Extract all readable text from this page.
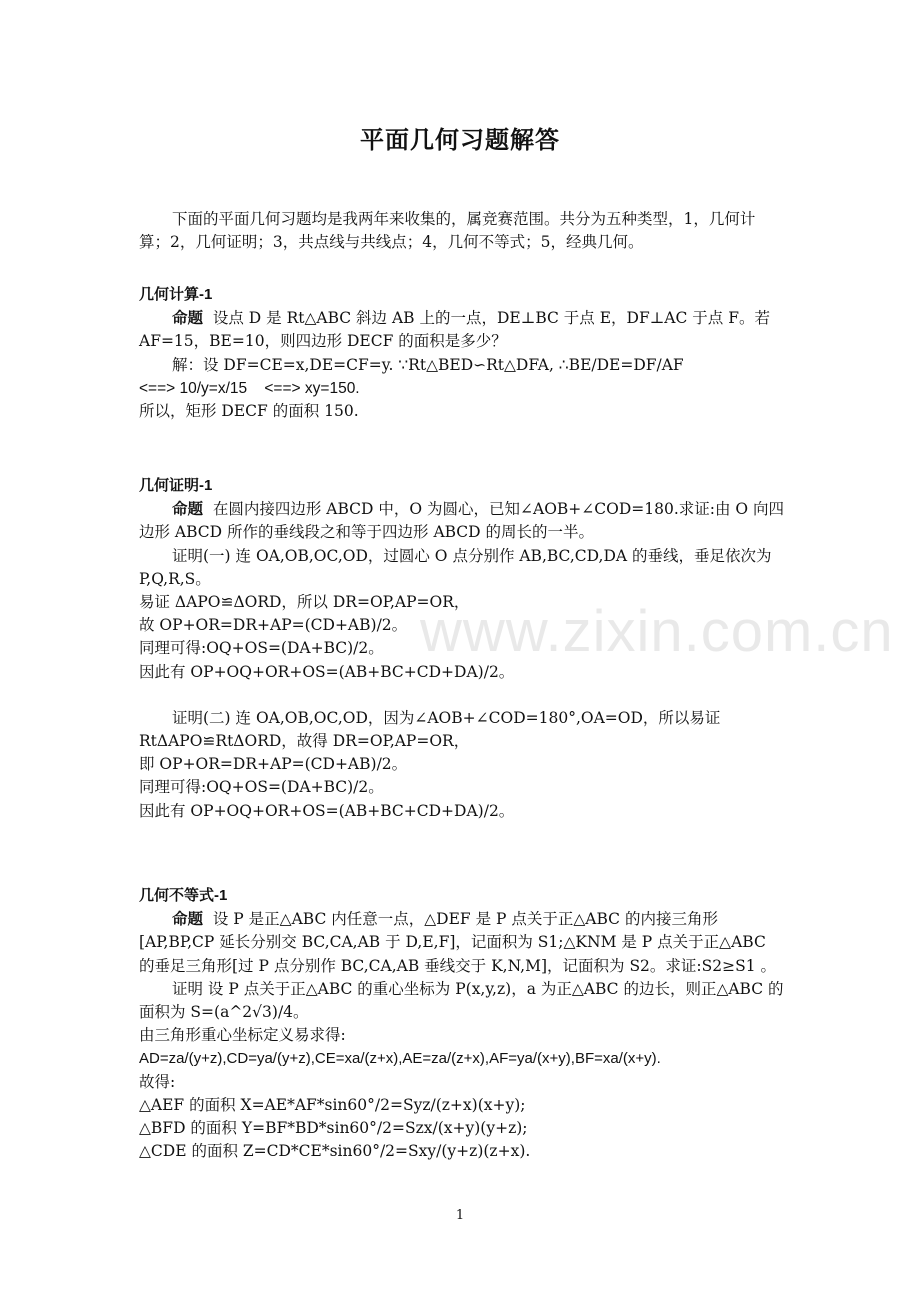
平面几何习题解答

下面的平面几何习题均是我两年来收集的，属竞赛范围。共分为五种类型，1，几何计算；2，几何证明；3，共点线与共线点；4，几何不等式；5，经典几何。

几何计算-1

命题 设点 D 是 Rt△ABC 斜边 AB 上的一点，DE⊥BC 于点 E，DF⊥AC 于点 F。若 AF=15，BE=10，则四边形 DECF 的面积是多少？

解：设 DF=CE=x,DE=CF=y. ∵Rt△BED∽Rt△DFA, ∴BE/DE=DF/AF

<==> 10/y=x/15    <==> xy=150.

所以，矩形 DECF 的面积 150.

几何证明-1

命题 在圆内接四边形 ABCD 中，O 为圆心，已知∠AOB+∠COD=180.求证:由 O 向四边形 ABCD 所作的垂线段之和等于四边形 ABCD 的周长的一半。

证明(一) 连 OA,OB,OC,OD，过圆心 O 点分别作 AB,BC,CD,DA 的垂线，垂足依次为 P,Q,R,S。

易证 ΔAPO≌ΔORD，所以 DR=OP,AP=OR，

故 OP+OR=DR+AP=(CD+AB)/2。

同理可得:OQ+OS=(DA+BC)/2。

因此有 OP+OQ+OR+OS=(AB+BC+CD+DA)/2。

证明(二) 连 OA,OB,OC,OD，因为∠AOB+∠COD=180°,OA=OD，所以易证 RtΔAPO≌RtΔORD，故得 DR=OP,AP=OR，

即 OP+OR=DR+AP=(CD+AB)/2。

同理可得:OQ+OS=(DA+BC)/2。

因此有 OP+OQ+OR+OS=(AB+BC+CD+DA)/2。

几何不等式-1

命题 设 P 是正△ABC 内任意一点，△DEF 是 P 点关于正△ABC 的内接三角形 [AP,BP,CP 延长分别交 BC,CA,AB 于 D,E,F]，记面积为 S1;△KNM 是 P 点关于正△ABC 的垂足三角形[过 P 点分别作 BC,CA,AB 垂线交于 K,N,M]，记面积为 S2。求证:S2≥S1 。

证明 设 P 点关于正△ABC 的重心坐标为 P(x,y,z)，a 为正△ABC 的边长，则正△ABC 的面积为 S=(a^2√3)/4。

由三角形重心坐标定义易求得:

AD=za/(y+z),CD=ya/(y+z),CE=xa/(z+x),AE=za/(z+x),AF=ya/(x+y),BF=xa/(x+y).

故得:

△AEF 的面积 X=AE*AF*sin60°/2=Syz/(z+x)(x+y);

△BFD 的面积 Y=BF*BD*sin60°/2=Szx/(x+y)(y+z);

△CDE 的面积 Z=CD*CE*sin60°/2=Sxy/(y+z)(z+x).

www.zixin.com.cn
1
